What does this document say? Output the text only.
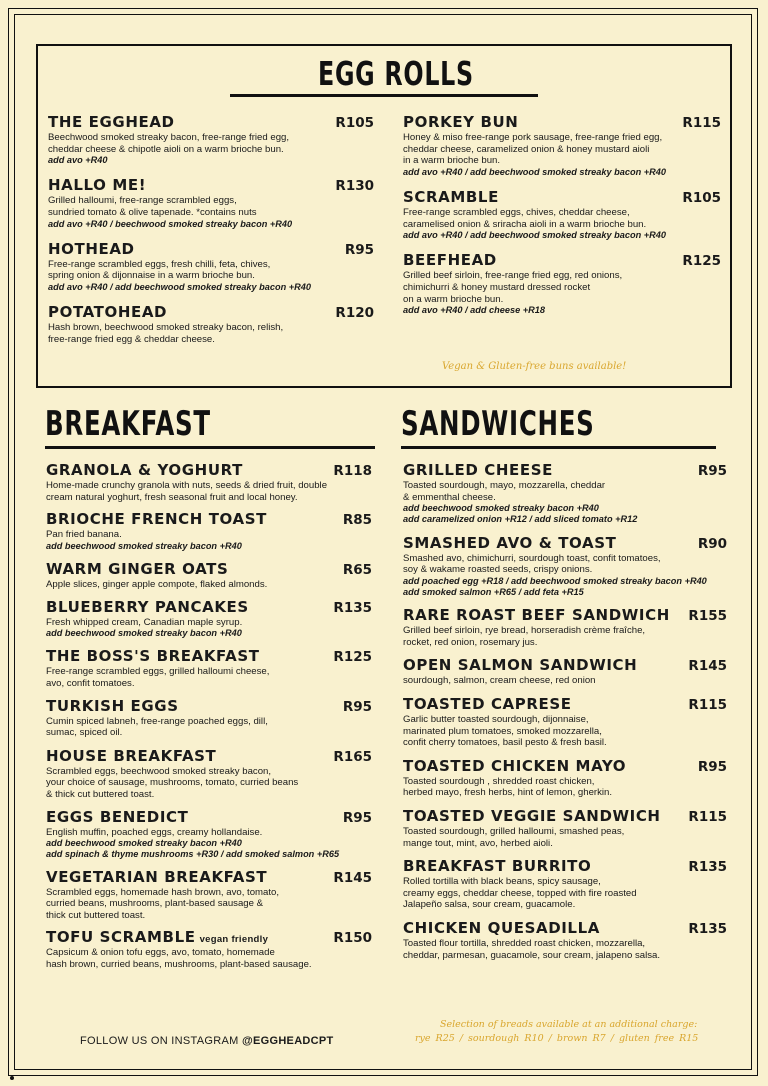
EGG ROLLS
THE EGGHEAD	R105
Beechwood smoked streaky bacon, free-range fried egg,
cheddar cheese & chipotle aioli on a warm brioche bun.
add avo +R40
HALLO ME!	R130
Grilled halloumi, free-range scrambled eggs,
sundried tomato & olive tapenade. *contains nuts
add avo +R40 / beechwood smoked streaky bacon +R40
HOTHEAD	R95
Free-range scrambled eggs, fresh chilli, feta, chives,
spring onion & dijonnaise in a warm brioche bun.
add avo +R40 / add beechwood smoked streaky bacon +R40
POTATOHEAD	R120
Hash brown, beechwood smoked streaky bacon, relish,
free-range fried egg & cheddar cheese.
PORKEY BUN	R115
Honey & miso free-range pork sausage, free-range fried egg,
cheddar cheese, caramelized onion & honey mustard aioli
in a warm brioche bun.
add avo +R40 / add beechwood smoked streaky bacon +R40
SCRAMBLE	R105
Free-range scrambled eggs, chives, cheddar cheese,
caramelised onion & sriracha aioli in a warm brioche bun.
add avo +R40 / add beechwood smoked streaky bacon +R40
BEEFHEAD	R125
Grilled beef sirloin, free-range fried egg, red onions,
chimichurri & honey mustard dressed rocket
on a warm brioche bun.
add avo +R40 / add cheese +R18
Vegan & Gluten-free buns available!
BREAKFAST
GRANOLA & YOGHURT	R118
Home-made crunchy granola with nuts, seeds & dried fruit, double
cream natural yoghurt, fresh seasonal fruit and local honey.
BRIOCHE FRENCH TOAST	R85
Pan fried banana.
add beechwood smoked streaky bacon +R40
WARM GINGER OATS	R65
Apple slices, ginger apple compote, flaked almonds.
BLUEBERRY PANCAKES	R135
Fresh whipped cream, Canadian maple syrup.
add beechwood smoked streaky bacon +R40
THE BOSS'S BREAKFAST	R125
Free-range scrambled eggs, grilled halloumi cheese,
avo, confit tomatoes.
TURKISH EGGS	R95
Cumin spiced labneh, free-range poached eggs, dill,
sumac, spiced oil.
HOUSE BREAKFAST	R165
Scrambled eggs, beechwood smoked streaky bacon,
your choice of sausage, mushrooms, tomato, curried beans
& thick cut buttered toast.
EGGS BENEDICT	R95
English muffin, poached eggs, creamy hollandaise.
add beechwood smoked streaky bacon +R40
add spinach & thyme mushrooms +R30 / add smoked salmon +R65
VEGETARIAN BREAKFAST	R145
Scrambled eggs, homemade hash brown, avo, tomato,
curried beans, mushrooms, plant-based sausage &
thick cut buttered toast.
TOFU SCRAMBLE vegan friendly	R150
Capsicum & onion tofu eggs, avo, tomato, homemade
hash brown, curried beans, mushrooms, plant-based sausage.
SANDWICHES
GRILLED CHEESE	R95
Toasted sourdough, mayo, mozzarella, cheddar
& emmenthal cheese.
add beechwood smoked streaky bacon +R40
add caramelized onion +R12 / add sliced tomato +R12
SMASHED AVO & TOAST	R90
Smashed avo, chimichurri, sourdough toast, confit tomatoes,
soy & wakame roasted seeds, crispy onions.
add poached egg +R18 / add beechwood smoked streaky bacon +R40
add smoked salmon +R65 / add feta +R15
RARE ROAST BEEF SANDWICH R155
Grilled beef sirloin, rye bread, horseradish crème fraîche,
rocket, red onion, rosemary jus.
OPEN SALMON SANDWICH	R145
sourdough, salmon, cream cheese, red onion
TOASTED CAPRESE	R115
Garlic butter toasted sourdough, dijonnaise,
marinated plum tomatoes, smoked mozzarella,
confit cherry tomatoes, basil pesto & fresh basil.
TOASTED CHICKEN MAYO	R95
Toasted sourdough , shredded roast chicken,
herbed mayo, fresh herbs, hint of lemon, gherkin.
TOASTED VEGGIE SANDWICH R115
Toasted sourdough, grilled halloumi, smashed peas,
mange tout, mint, avo, herbed aioli.
BREAKFAST BURRITO	R135
Rolled tortilla with black beans, spicy sausage,
creamy eggs, cheddar cheese, topped with fire roasted
Jalapeño salsa, sour cream, guacamole.
CHICKEN QUESADILLA	R135
Toasted flour tortilla, shredded roast chicken, mozzarella,
cheddar, parmesan, guacamole, sour cream, jalapeno salsa.
Selection of breads available at an additional charge:
rye R25 / sourdough R10 / brown R7 / gluten free R15
FOLLOW US ON INSTAGRAM @EGGHEADCPT
